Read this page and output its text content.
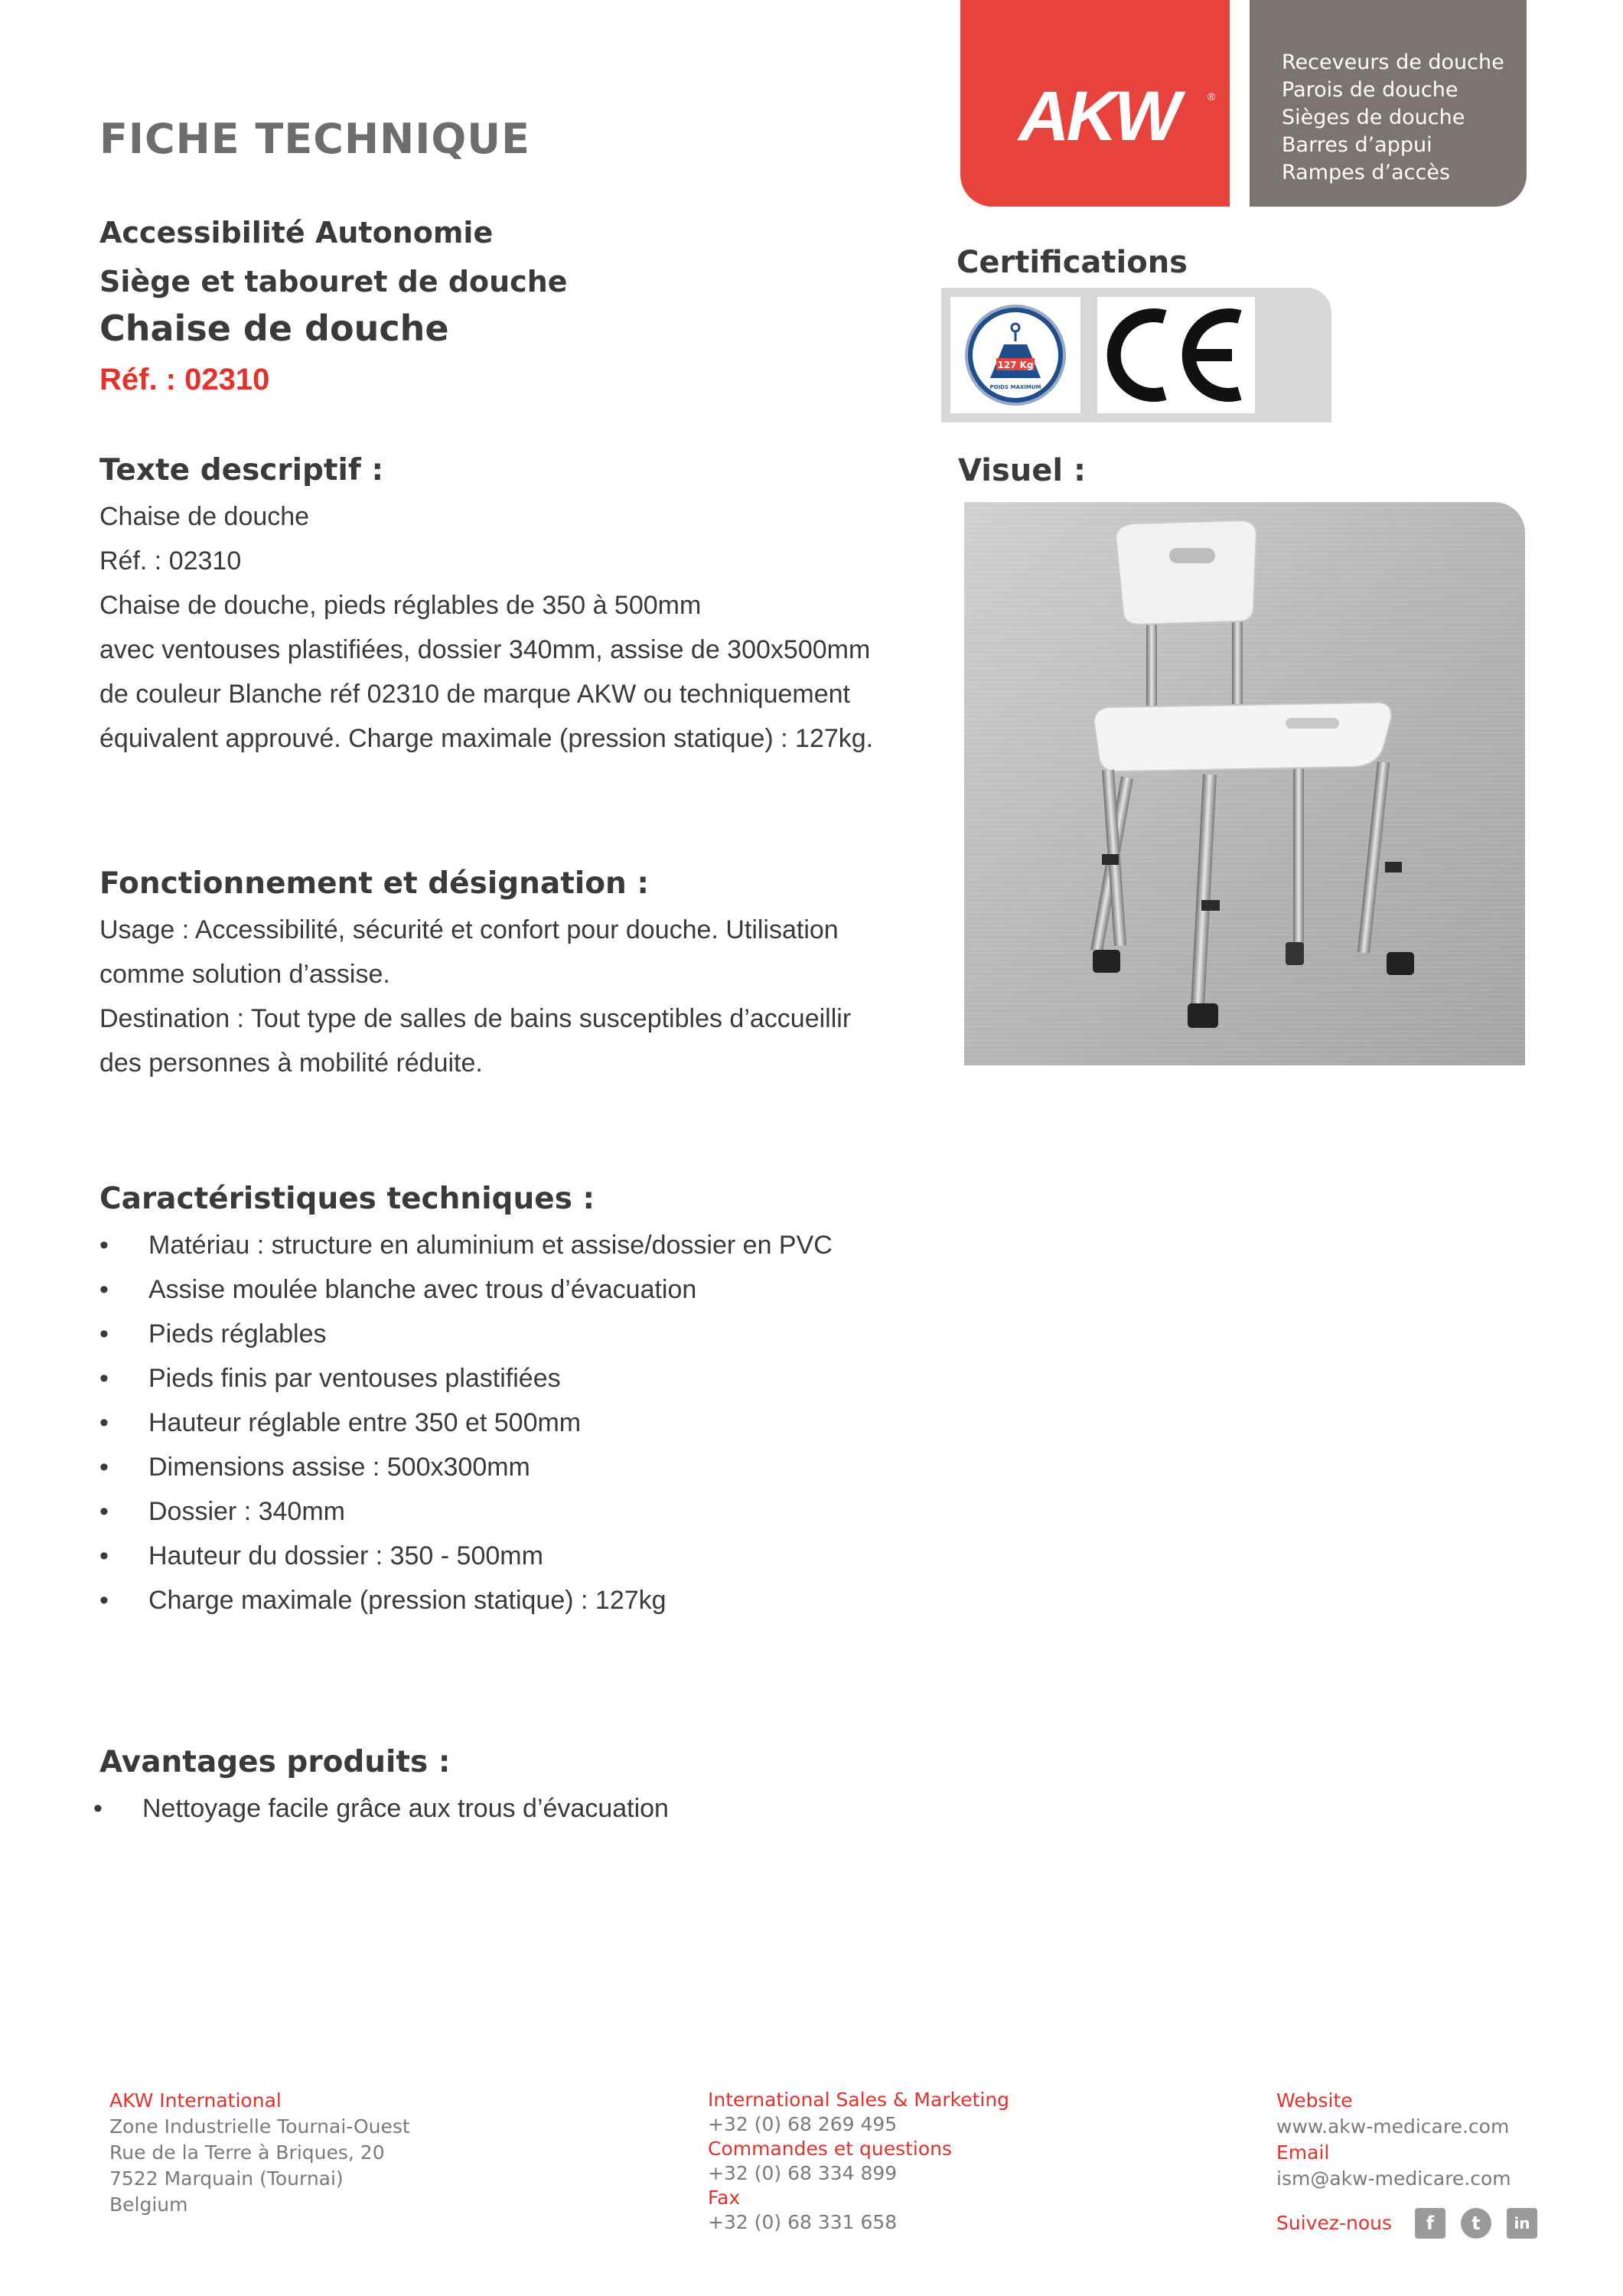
AKW	®
Receveurs de douche
Parois de douche
Sièges de douche
Barres d’appui
Rampes d’accès
FICHE TECHNIQUE
Accessibilité Autonomie
Siège et tabouret de douche
Chaise de douche
Réf. : 02310
Certifications
127 Kg
POIDS MAXIMUM
Texte descriptif :
Chaise de douche
Réf. : 02310
Chaise de douche, pieds réglables de 350 à 500mm
avec ventouses plastifiées, dossier 340mm, assise de 300x500mm
de couleur Blanche réf 02310 de marque AKW ou techniquement
équivalent approuvé. Charge maximale (pression statique) : 127kg.
Visuel :
Fonctionnement et désignation :
Usage : Accessibilité, sécurité et confort pour douche. Utilisation
comme solution d’assise.
Destination : Tout type de salles de bains susceptibles d’accueillir
des personnes à mobilité réduite.
Caractéristiques techniques :
• Matériau : structure en aluminium et assise/dossier en PVC
• Assise moulée blanche avec trous d’évacuation
• Pieds réglables
• Pieds finis par ventouses plastifiées
• Hauteur réglable entre 350 et 500mm
• Dimensions assise : 500x300mm
• Dossier : 340mm
• Hauteur du dossier : 350 - 500mm
• Charge maximale (pression statique) : 127kg
Avantages produits :
• Nettoyage facile grâce aux trous d’évacuation
AKW International
Zone Industrielle Tournai-Ouest
Rue de la Terre à Briques, 20
7522 Marquain (Tournai)
Belgium
International Sales & Marketing
+32 (0) 68 269 495
Commandes et questions
+32 (0) 68 334 899
Fax
+32 (0) 68 331 658
Website
www.akw-medicare.com
Email
ism@akw-medicare.com
Suivez-nous	f	t	in
